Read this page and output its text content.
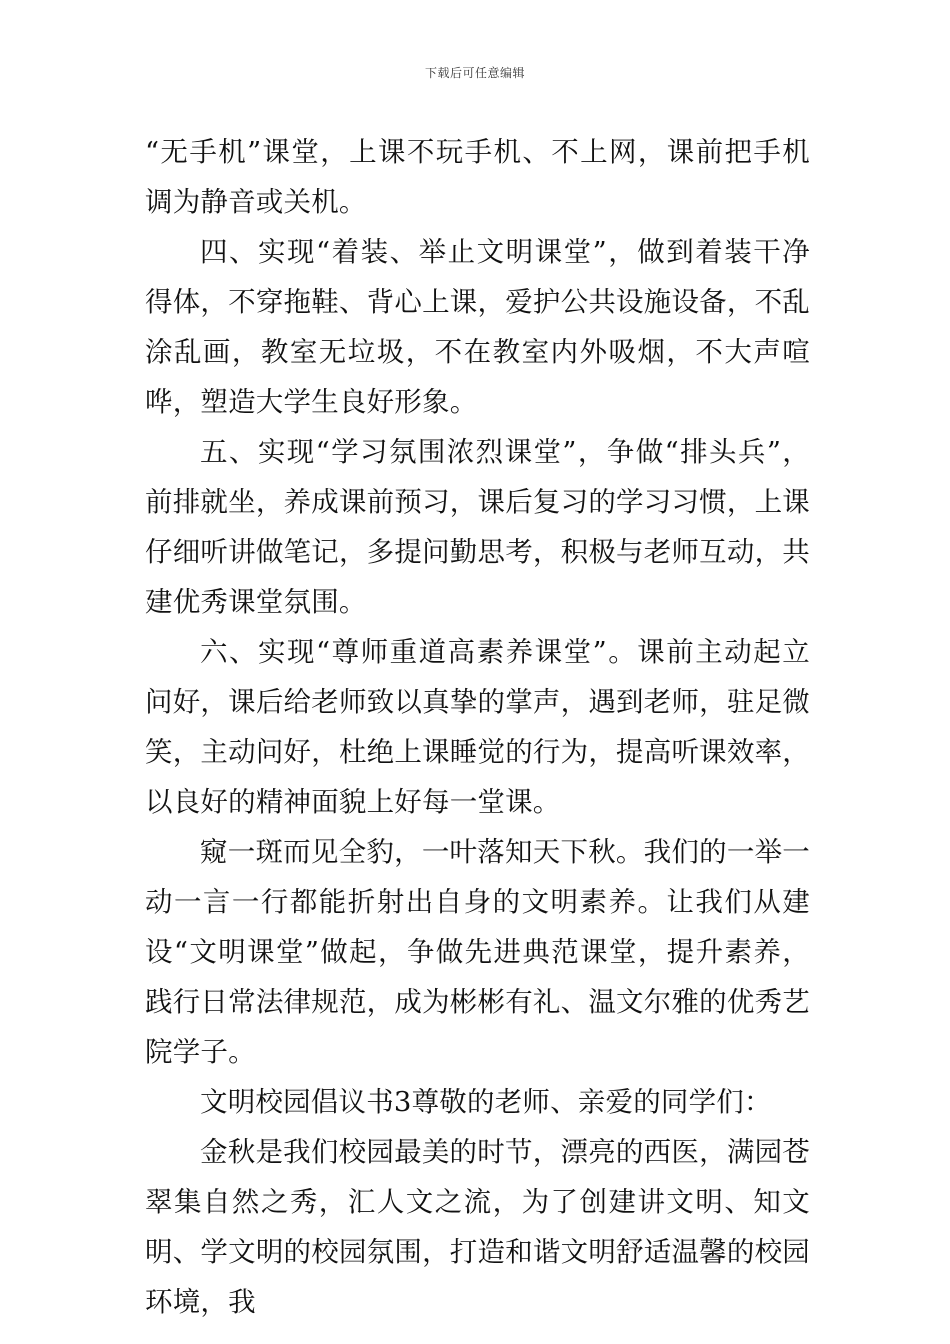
下载后可任意编辑

“无手机”课堂，上课不玩手机、不上网，课前把手机调为静音或关机。

四、实现“着装、举止文明课堂”，做到着装干净得体，不穿拖鞋、背心上课，爱护公共设施设备，不乱涂乱画，教室无垃圾，不在教室内外吸烟，不大声喧哗，塑造大学生良好形象。

五、实现“学习氛围浓烈课堂”，争做“排头兵”，前排就坐，养成课前预习，课后复习的学习习惯，上课仔细听讲做笔记，多提问勤思考，积极与老师互动，共建优秀课堂氛围。

六、实现“尊师重道高素养课堂”。课前主动起立问好，课后给老师致以真挚的掌声，遇到老师，驻足微笑，主动问好，杜绝上课睡觉的行为，提高听课效率，以良好的精神面貌上好每一堂课。

窥一斑而见全豹，一叶落知天下秋。我们的一举一动一言一行都能折射出自身的文明素养。让我们从建设“文明课堂”做起，争做先进典范课堂，提升素养，践行日常法律规范，成为彬彬有礼、温文尔雅的优秀艺院学子。

文明校园倡议书3尊敬的老师、亲爱的同学们：

金秋是我们校园最美的时节，漂亮的西医，满园苍翠集自然之秀，汇人文之流，为了创建讲文明、知文明、学文明的校园氛围，打造和谐文明舒适温馨的校园环境，我
